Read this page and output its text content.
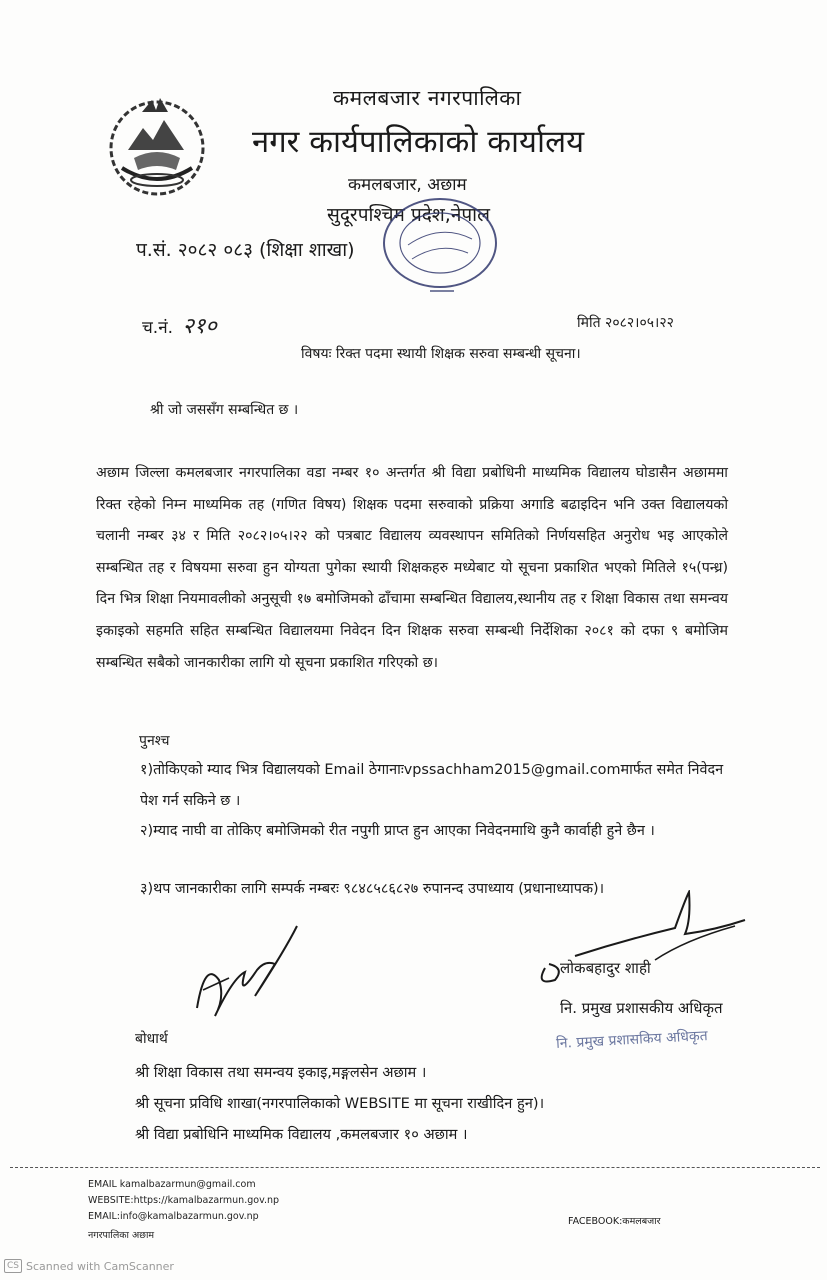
कमलबजार नगरपालिका
नगर कार्यपालिकाको कार्यालय
कमलबजार, अछाम
सुदूरपश्चिम प्रदेश,नेपाल
प.सं. २०८२ ०८३ (शिक्षा शाखा)
च.नं. २१०	मिति २०८२।०५।२२
विषयः रिक्त पदमा स्थायी शिक्षक सरुवा सम्बन्धी सूचना।
श्री जो जससँग सम्बन्धित छ ।
अछाम जिल्ला कमलबजार नगरपालिका वडा नम्बर १० अन्तर्गत श्री विद्या प्रबोधिनी माध्यमिक विद्यालय घोडासैन अछाममा रिक्त रहेको निम्न माध्यमिक तह (गणित विषय) शिक्षक पदमा सरुवाको प्रक्रिया अगाडि बढाइदिन भनि उक्त विद्यालयको चलानी नम्बर ३४ र मिति २०८२।०५।२२ को पत्रबाट विद्यालय व्यवस्थापन समितिको निर्णयसहित अनुरोध भइ आएकोले सम्बन्धित तह र विषयमा सरुवा हुन योग्यता पुगेका स्थायी शिक्षकहरु मध्येबाट यो सूचना प्रकाशित भएको मितिले १५(पन्ध्र) दिन भित्र शिक्षा नियमावलीको अनुसूची १७ बमोजिमको ढाँचामा सम्बन्धित विद्यालय,स्थानीय तह र शिक्षा विकास तथा समन्वय इकाइको सहमति सहित सम्बन्धित विद्यालयमा निवेदन दिन शिक्षक सरुवा सम्बन्धी निर्देशिका २०८१ को दफा ९ बमोजिम सम्बन्धित सबैको जानकारीका लागि यो सूचना प्रकाशित गरिएको छ।
पुनश्च
१)तोकिएको म्याद भित्र विद्यालयको Email ठेगानाःvpssachham2015@gmail.comमार्फत समेत निवेदन पेश गर्न सकिने छ ।
२)म्याद नाघी वा तोकिए बमोजिमको रीत नपुगी प्राप्त हुन आएका निवेदनमाथि कुनै कार्वाही हुने छैन ।
३)थप जानकारीका लागि सम्पर्क नम्बरः ९८४८५८६८२७ रुपानन्द उपाध्याय (प्रधानाध्यापक)।
लोकबहादुर शाही
नि. प्रमुख प्रशासकीय अधिकृत
नि. प्रमुख प्रशासकिय अधिकृत
बोधार्थ
श्री शिक्षा विकास तथा समन्वय इकाइ,मङ्गलसेन अछाम ।
श्री सूचना प्रविधि शाखा(नगरपालिकाको WEBSITE मा सूचना राखीदिन हुन)।
श्री विद्या प्रबोधिनि माध्यमिक विद्यालय ,कमलबजार १० अछाम ।
EMAIL kamalbazarmun@gmail.com
WEBSITE:https://kamalbazarmun.gov.np
EMAIL:info@kamalbazarmun.gov.np
नगरपालिका अछाम
FACEBOOK:कमलबजार
CS Scanned with CamScanner
